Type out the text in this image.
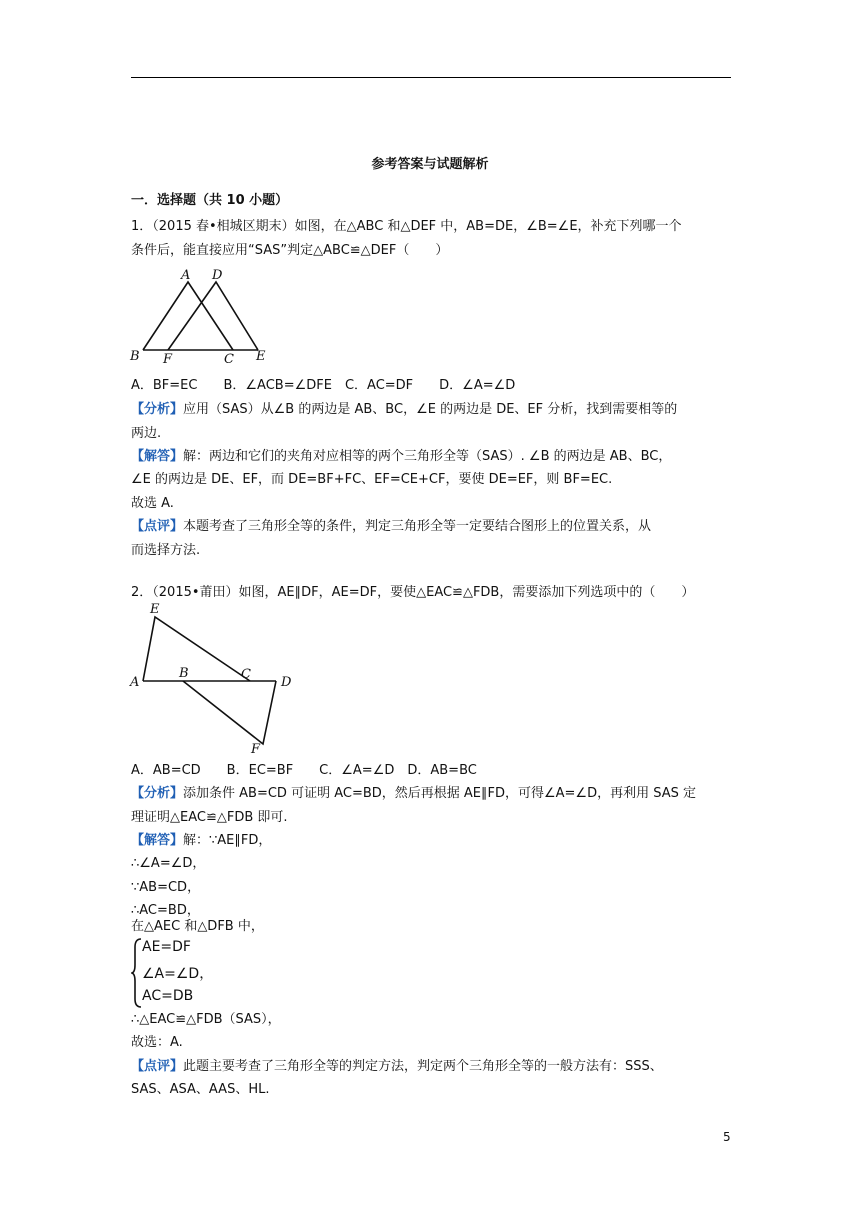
参考答案与试题解析
一．选择题（共 10 小题）
1．（2015 春•相城区期末）如图，在△ABC 和△DEF 中，AB=DE，∠B=∠E，补充下列哪一个
条件后，能直接应用“SAS”判定△ABC≌△DEF（　　）
A D
B F	C E
A．BF=EC　　B．∠ACB=∠DFE　C．AC=DF　　D．∠A=∠D
【分析】应用（SAS）从∠B 的两边是 AB、BC，∠E 的两边是 DE、EF 分析，找到需要相等的
两边.
【解答】解：两边和它们的夹角对应相等的两个三角形全等（SAS）. ∠B 的两边是 AB、BC，
∠E 的两边是 DE、EF，而 DE=BF+FC、EF=CE+CF，要使 DE=EF，则 BF=EC.
故选 A.
【点评】本题考查了三角形全等的条件，判定三角形全等一定要结合图形上的位置关系，从
而选择方法.
2．（2015•莆田）如图，AE∥DF，AE=DF，要使△EAC≌△FDB，需要添加下列选项中的（　　）
E
A
B	C
D
F
A．AB=CD　　B．EC=BF　　C．∠A=∠D　D．AB=BC
【分析】添加条件 AB=CD 可证明 AC=BD，然后再根据 AE∥FD，可得∠A=∠D，再利用 SAS 定
理证明△EAC≌△FDB 即可.
【解答】解：∵AE∥FD，
∴∠A=∠D，
∵AB=CD，
∴AC=BD，
在△AEC 和△DFB 中，
AE=DF
∠A=∠D，
AC=DB
∴△EAC≌△FDB（SAS），
故选：A.
【点评】此题主要考查了三角形全等的判定方法，判定两个三角形全等的一般方法有：SSS、
SAS、ASA、AAS、HL.
5
